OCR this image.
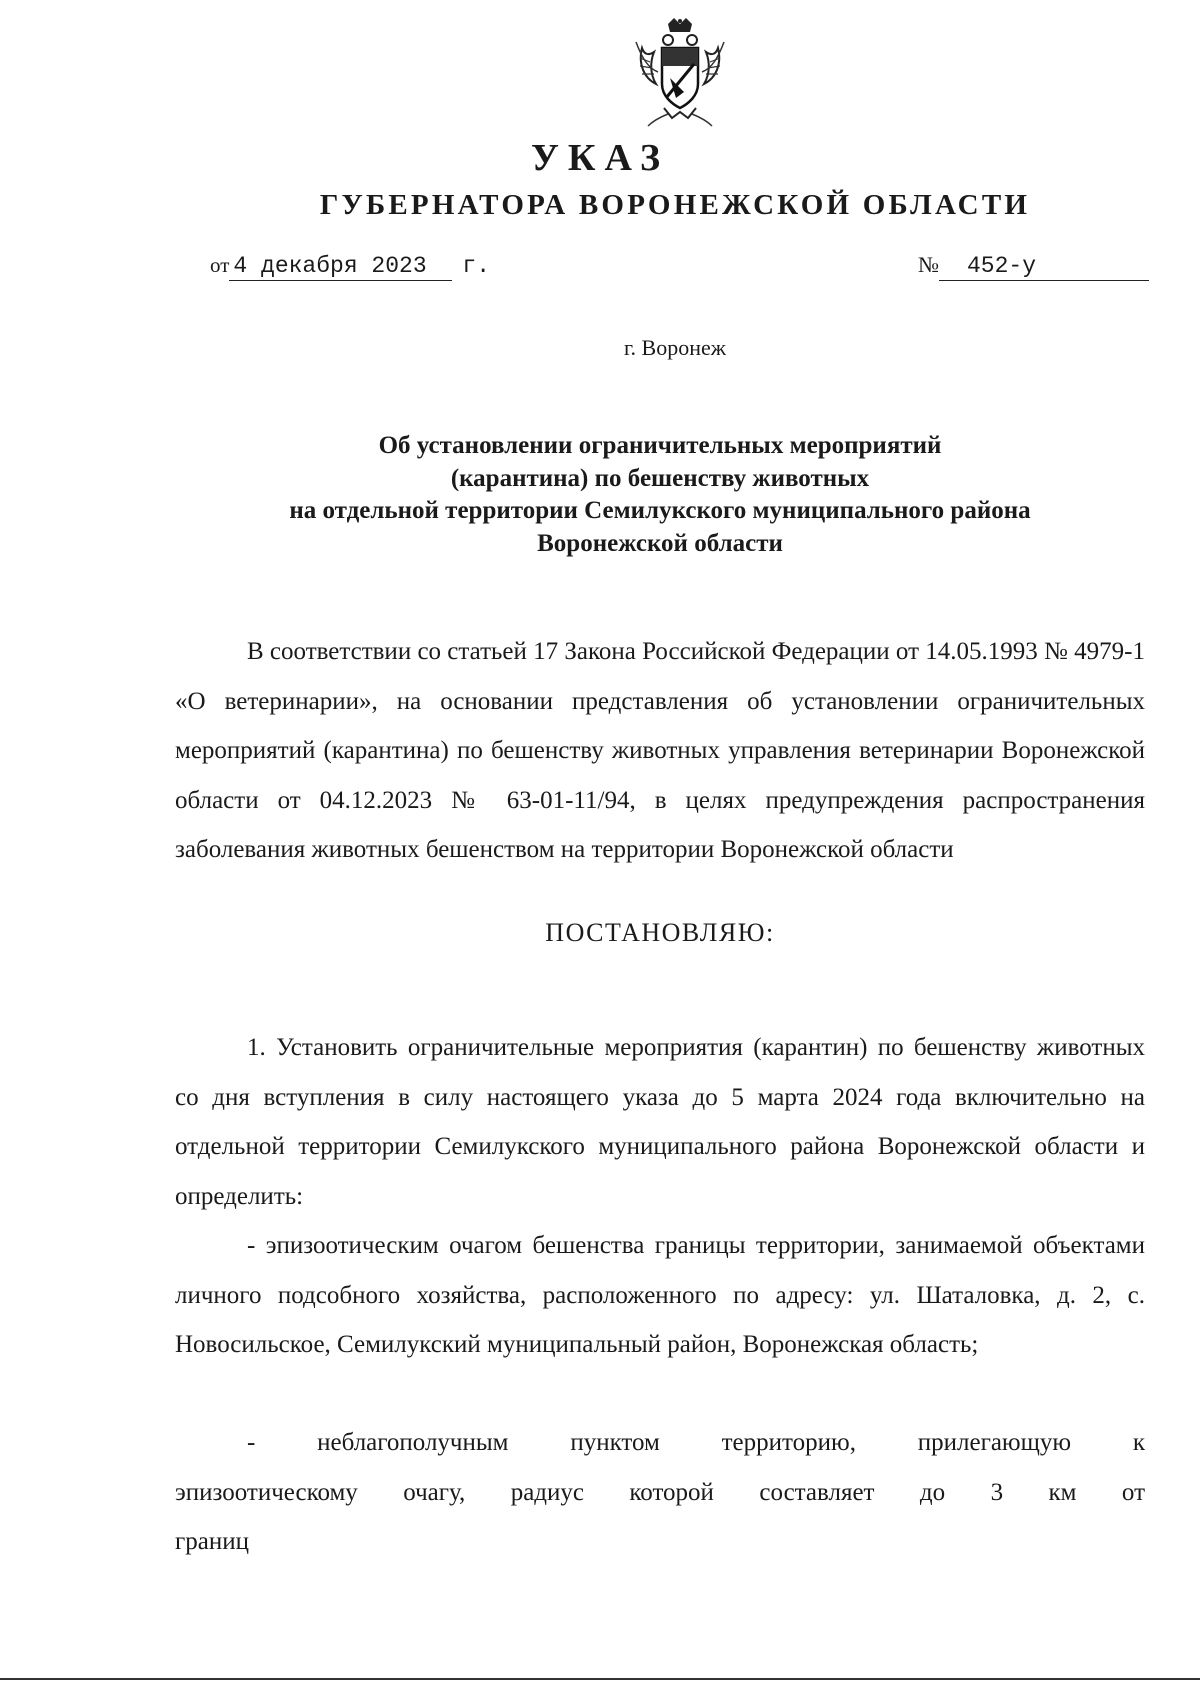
УКАЗ
ГУБЕРНАТОРА ВОРОНЕЖСКОЙ ОБЛАСТИ
от 4 декабря 2023 г.	№ 452-у
г. Воронеж
Об установлении ограничительных мероприятий
(карантина) по бешенству животных
на отдельной территории Семилукского муниципального района
Воронежской области
В соответствии со статьей 17 Закона Российской Федерации от 14.05.1993 № 4979-1 «О ветеринарии», на основании представления об установлении ограничительных мероприятий (карантина) по бешенству животных управления ветеринарии Воронежской области от 04.12.2023 № 63-01-11/94, в целях предупреждения распространения заболевания животных бешенством на территории Воронежской области
ПОСТАНОВЛЯЮ:
1. Установить ограничительные мероприятия (карантин) по бешенству животных со дня вступления в силу настоящего указа до 5 марта 2024 года включительно на отдельной территории Семилукского муниципального района Воронежской области и определить:
- эпизоотическим очагом бешенства границы территории, занимаемой объектами личного подсобного хозяйства, расположенного по адресу: ул. Шаталовка, д. 2, с. Новосильское, Семилукский муниципальный район, Воронежская область;
- неблагополучным пунктом территорию, прилегающую к эпизоотическому очагу, радиус которой составляет до 3 км от границ
